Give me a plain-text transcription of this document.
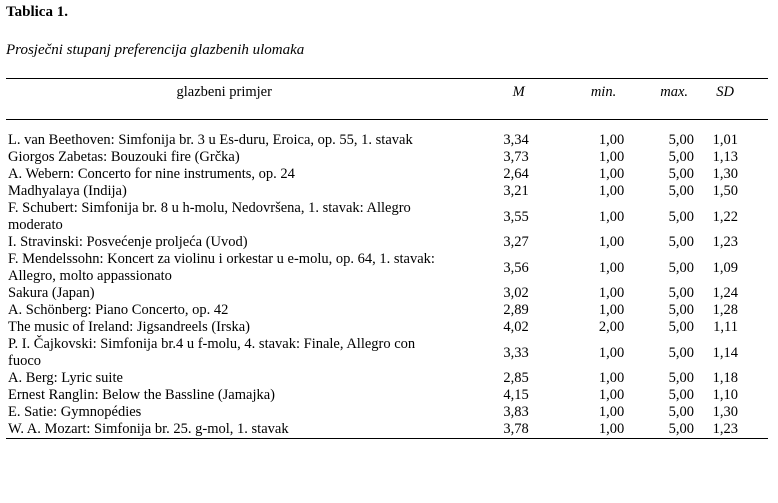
Tablica 1.
Prosječni stupanj preferencija glazbenih ulomaka
glazbeni primjer	M	min.	max.	SD

L. van Beethoven: Simfonija br. 3 u Es-duru, Eroica, op. 55, 1. stavak	3,34	1,00	5,00	1,01
Giorgos Zabetas: Bouzouki fire (Grčka)	3,73	1,00	5,00	1,13
A. Webern: Concerto for nine instruments, op. 24	2,64	1,00	5,00	1,30
Madhyalaya (Indija)	3,21	1,00	5,00	1,50
F. Schubert: Simfonija br. 8 u h-molu, Nedovršena, 1. stavak: Allegro moderato	3,55	1,00	5,00	1,22
I. Stravinski: Posvećenje proljeća (Uvod)	3,27	1,00	5,00	1,23
F. Mendelssohn: Koncert za violinu i orkestar u e-molu, op. 64, 1. stavak: Allegro, molto appassionato	3,56	1,00	5,00	1,09
Sakura (Japan)	3,02	1,00	5,00	1,24
A. Schönberg: Piano Concerto, op. 42	2,89	1,00	5,00	1,28
The music of Ireland: Jigsandreels (Irska)	4,02	2,00	5,00	1,11
P. I. Čajkovski: Simfonija br.4 u f-molu, 4. stavak: Finale, Allegro con fuoco	3,33	1,00	5,00	1,14
A. Berg: Lyric suite	2,85	1,00	5,00	1,18
Ernest Ranglin: Below the Bassline (Jamajka)	4,15	1,00	5,00	1,10
E. Satie: Gymnopédies	3,83	1,00	5,00	1,30
W. A. Mozart: Simfonija br. 25. g-mol, 1. stavak	3,78	1,00	5,00	1,23
